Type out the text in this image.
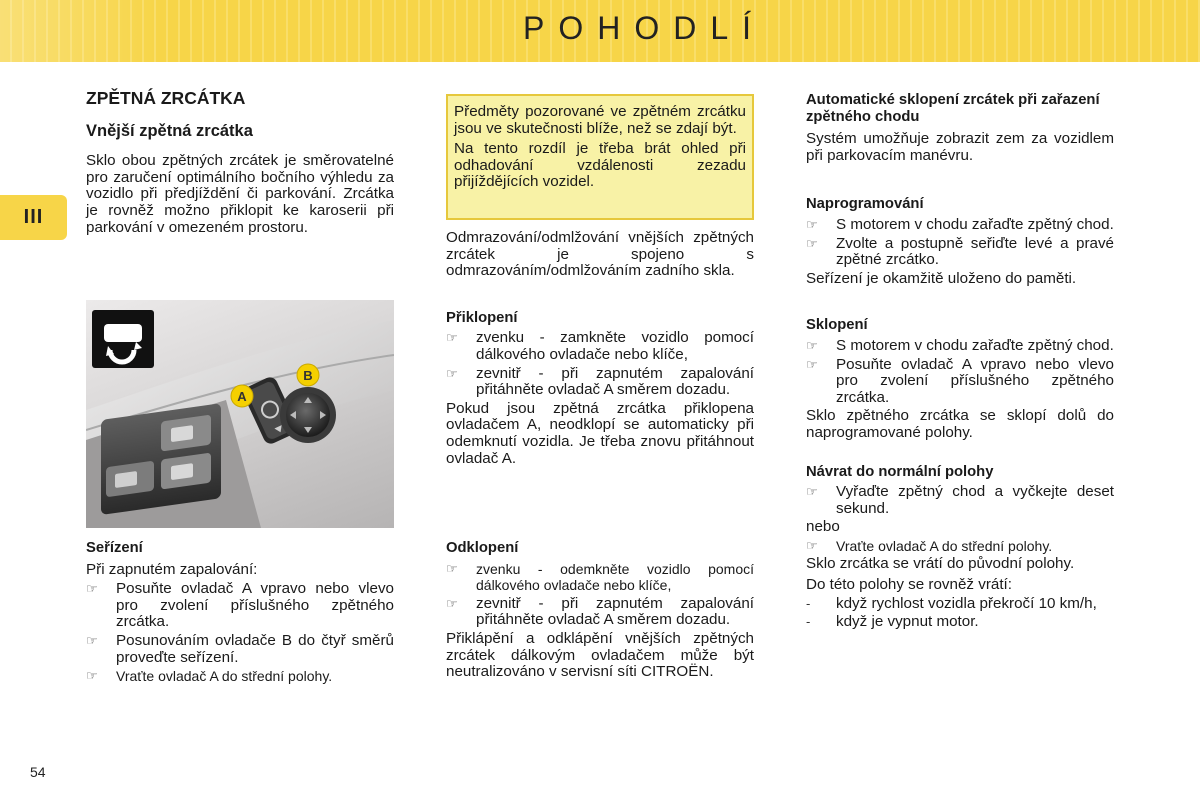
POHODLÍ
III
ZPĚTNÁ ZRCÁTKA
Vnější zpětná zrcátka
Sklo obou zpětných zrcátek je směrovatelné pro zaručení optimálního bočního výhledu za vozidlo při předjíždění či parkování. Zrcátka je rovněž možno přiklopit ke karoserii při parkování v omezeném prostoru.
A
B
Seřízení
Při zapnutém zapalování:
☞	Posuňte ovladač A vpravo nebo vlevo pro zvolení příslušného zpětného zrcátka.
☞	Posunováním ovladače B do čtyř směrů proveďte seřízení.
☞	Vraťte ovladač A do střední polohy.
Předměty pozorované ve zpětném zrcátku jsou ve skutečnosti blíže, než se zdají být.
Na tento rozdíl je třeba brát ohled při odhadování vzdálenosti zezadu přijíždějících vozidel.
Odmrazování/odmlžování vnějších zpětných zrcátek je spojeno s odmrazováním/odmlžováním zadního skla.
Přiklopení
☞	zvenku - zamkněte vozidlo pomocí dálkového ovladače nebo klíče,
☞	zevnitř - při zapnutém zapalování přitáhněte ovladač A směrem dozadu.
Pokud jsou zpětná zrcátka přiklopena ovladačem A, neodklopí se automaticky při odemknutí vozidla. Je třeba znovu přitáhnout ovladač A.
Odklopení
☞	zvenku - odemkněte vozidlo pomocí dálkového ovladače nebo klíče,
☞	zevnitř - při zapnutém zapalování přitáhněte ovladač A směrem dozadu.
Přiklápění a odklápění vnějších zpětných zrcátek dálkovým ovladačem může být neutralizováno v servisní síti CITROËN.
Automatické sklopení zrcátek při zařazení zpětného chodu
Systém umožňuje zobrazit zem za vozidlem při parkovacím manévru.
Naprogramování
☞	S motorem v chodu zařaďte zpětný chod.
☞	Zvolte a postupně seřiďte levé a pravé zpětné zrcátko.
Seřízení je okamžitě uloženo do paměti.
Sklopení
☞	S motorem v chodu zařaďte zpětný chod.
☞	Posuňte ovladač A vpravo nebo vlevo pro zvolení příslušného zpětného zrcátka.
Sklo zpětného zrcátka se sklopí dolů do naprogramované polohy.
Návrat do normální polohy
☞	Vyřaďte zpětný chod a vyčkejte deset sekund.
nebo
☞	Vraťte ovladač A do střední polohy.
Sklo zrcátka se vrátí do původní polohy.
Do této polohy se rovněž vrátí:
-	když rychlost vozidla překročí 10 km/h,
-	když je vypnut motor.
54
